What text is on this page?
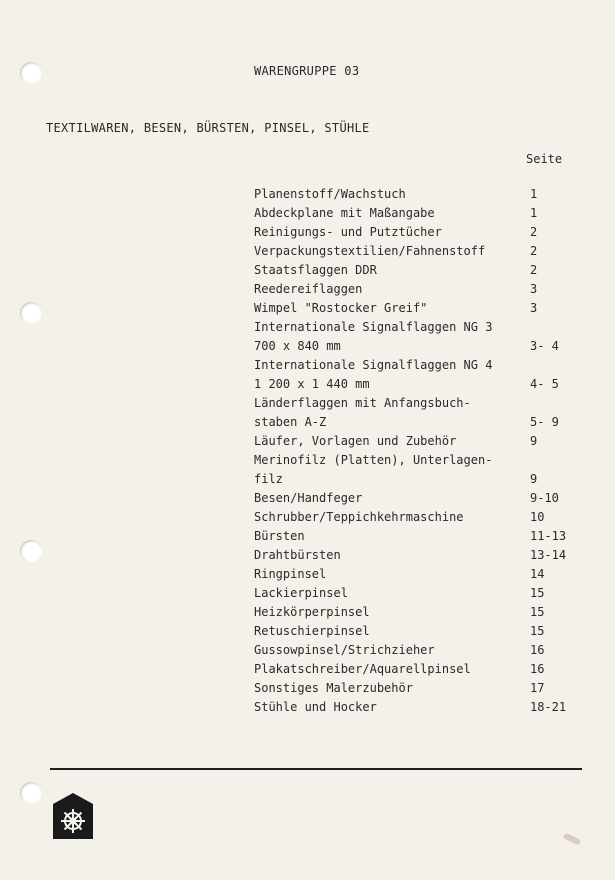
WARENGRUPPE 03
TEXTILWAREN, BESEN, BÜRSTEN, PINSEL, STÜHLE
Seite
Planenstoff/Wachstuch	1
Abdeckplane mit Maßangabe	1
Reinigungs- und Putztücher	2
Verpackungstextilien/Fahnenstoff	2
Staatsflaggen DDR	2
Reedereiflaggen	3
Wimpel "Rostocker Greif"	3
Internationale Signalflaggen NG 3
700 x 840 mm	3- 4
Internationale Signalflaggen NG 4
1 200 x 1 440 mm	4- 5
Länderflaggen mit Anfangsbuch-
staben A-Z	5- 9
Läufer, Vorlagen und Zubehör	9
Merinofilz (Platten), Unterlagen-
filz	9
Besen/Handfeger	9-10
Schrubber/Teppichkehrmaschine	10
Bürsten	11-13
Drahtbürsten	13-14
Ringpinsel	14
Lackierpinsel	15
Heizkörperpinsel	15
Retuschierpinsel	15
Gussowpinsel/Strichzieher	16
Plakatschreiber/Aquarellpinsel	16
Sonstiges Malerzubehör	17
Stühle und Hocker	18-21
